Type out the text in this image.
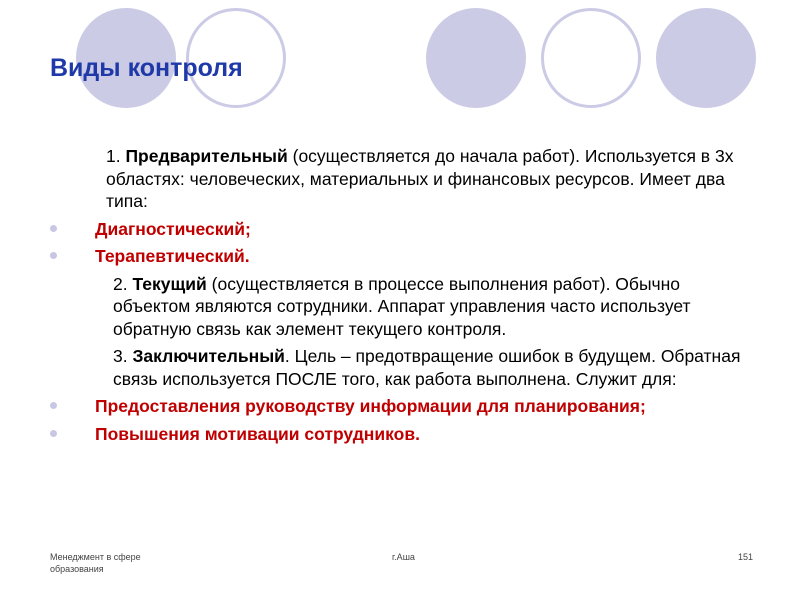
Виды контроля

1. Предварительный (осуществляется до начала работ). Используется в 3х областях: человеческих, материальных и финансовых ресурсов. Имеет два типа:

Диагностический;
Терапевтический.

2. Текущий (осуществляется в процессе выполнения работ). Обычно объектом являются сотрудники. Аппарат управления часто использует обратную связь как элемент текущего контроля.

3. Заключительный. Цель – предотвращение ошибок в будущем. Обратная связь используется ПОСЛЕ того, как работа выполнена. Служит для:

Предоставления руководству информации для планирования;
Повышения мотивации сотрудников.
Менеджмент в сфере образования
г.Аша	151
